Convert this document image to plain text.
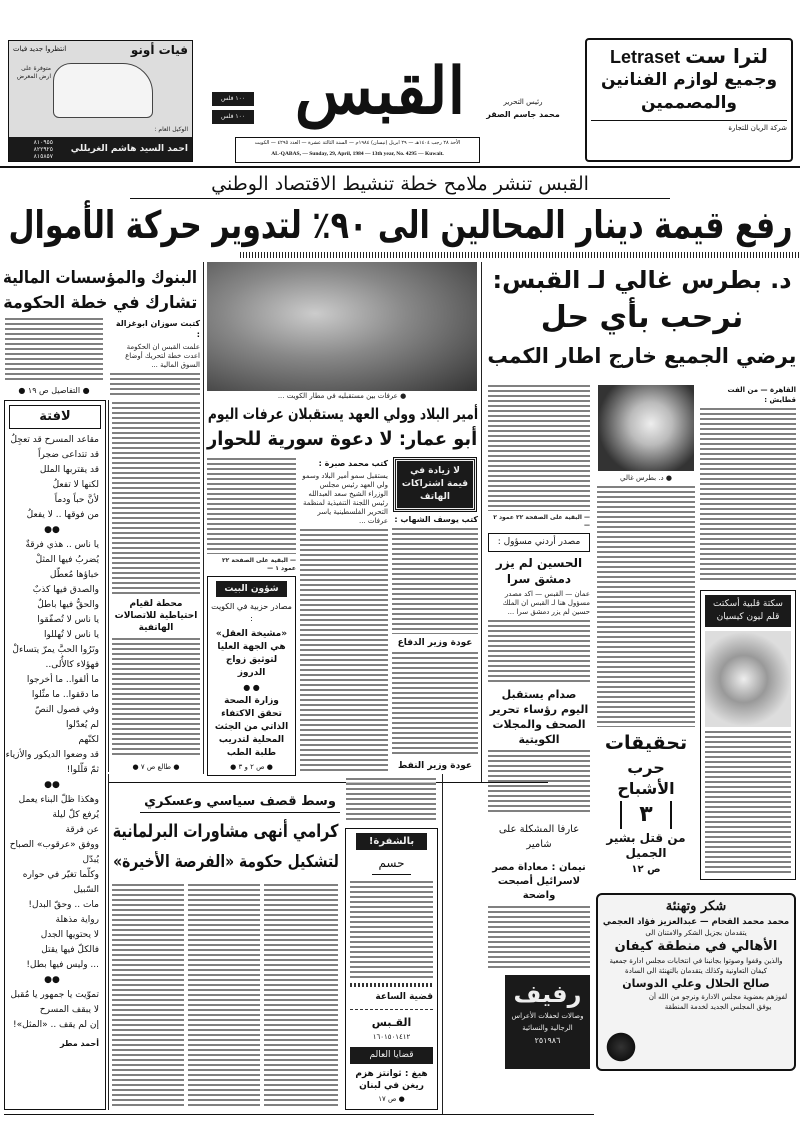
فيات أونو
انتظروا جديد فيات
متوفرة على ارض المعرض
الوكيل العام :
احمد السيد هاشم الغربللي
٨١٠٩٥٥ ٨٢٢٩٢٥ ٨١٥٨٥٧
١٠٠ فلس
١٠٠ فلس القبس	رئيس التحرير
محمد جاسم الصقر
الأحد ٢٨ رجب ١٤٠٤هـ — ٢٩ ابريل (نيسان) ١٩٨٤م — السنة الثالثة عشرة — العدد ٤٢٩٥ — الكويت
AL-QABAS, — Sunday, 29, April, 1984 — 13th year, No. 4295 — Kuwait.
لترا ست Letraset
وجميع لوازم الفنانين
والمصممين
شركة الريان للتجارة
القبس تنشر ملامح خطة تنشيط الاقتصاد الوطني
رفع قيمة دينار المحالين الى ٩٠٪ لتدوير حركة الأموال
البنوك والمؤسسات المالية
تشارك في خطة الحكومة
كتبت سوزان ابوغزالة :
علمت القبس ان الحكومة اعدت خطة لتحريك أوضاع السوق المالية ...
● التفاصيل ص ١٩ ●
لافتة
مقاعد المسرح قد تعجِلُ
قد تتداعى ضجراً
قد يقتربها الملل
لكنها لا تفعلُ
لأنَّ حباً ودماً
من فوقها .. لا يفعلُ
●●
يا ناس .. هذي فرقةٌ
يُضربُ فيها المثلْ
خباؤها مُعطّل
والصدق فيها كذبٌ
والحقُّ فيها باطلٌ
يا ناس لا تُصفّقوا
يا ناس لا تُهللوا
وتَرُوا الحبَّ يمرّ يتساءلْ
فهؤلاء كالأُلى..
ما ألفوا.. ما أخرجوا
ما دققوا.. ما مثّلوا
وفي فصول النصّ
لم يُعدّلوا
لكنّهم
قد وضعوا الديكور والأزياء
ثمّ قلّلوا!
●●
وهكذا ظلّ البناء يعمل
يُرفع كلّ ليلة
عن فرقة
ووفق «عرقوب» الصباح
يُبدّل
وكلّما تغيّر في حواره السّبيل
مات .. وحقّ البدل!
رواية مذهلة
لا يحتويها الجدل
فالكلّ فيها يقتل
... وليس فيها بطل!
●●
تموّيت يا جمهور يا مُقبل
لا يبقف المسرح
إن لم يقف .. «المثل»!
أحمد مطر
محطة لقيام احتياطية للاتصالات الهاتفية
● طالع ص ٧ ●
● عرفات بين مستقبليه في مطار الكويت ...
أمير البلاد وولي العهد يستقبلان عرفات اليوم
أبو عمار: لا دعوة سورية للحوار
لا زيادة في قيمة اشتراكات الهاتف
كتب يوسف الشهاب :
عودة وزير الدفاع
عودة وزير النفط
كتب محمد صبرة :
يستقبل سمو أمير البلاد وسمو ولي العهد رئيس مجلس الوزراء الشيخ سعد العبدالله رئيس اللجنة التنفيذية لمنظمة التحرير الفلسطينية ياسر عرفات ...
— البقية على الصفحة ٢٢ عمود ١ —
شؤون البيت
مصادر حزبية في الكويت :
«مشيخة العقل» هي الجهة العليا لتوثيق زواج الدروز
● ●
وزارة الصحة تحقق الاكتفاء الذاتي من الجثث المحلية لتدريب طلبة الطب
● ص ٢ و ٣ ●
د. بطرس غالي لـ القبس:
نرحب بأي حل
يرضي الجميع خارج اطار الكمب
القاهرة — من الفت قطايش :
● د. بطرس غالي
— البقية على الصفحة ٢٢ عمود ٢ —
مصدر أردني مسؤول :
الحسين لم يزر دمشق سرا
عمان — القبس — اكد مصدر مسؤول هنا لـ القبس ان الملك حسين لم يزر دمشق سرا ...
صدام يستقبل اليوم رؤساء تحرير الصحف والمجلات الكويتية
عارفا المشكلة على شامير
نيمان : معاداة مصر لاسرائيل أصبحت واضحة
رفيف
وصالات لحفلات الأعراس
الرجالية والنسائية
٢٥١٩٨٦
سكتة قلبية أسكتت قلم ليون كيسيان
تحقيقات
حرب الأشباح
٣
من قتل بشير الجميل
ص ١٢
شكر وتهنئة
محمد محمد الفحام — عبدالعزيز فؤاد العجمي
يتقدمان بجزيل الشكر والامتنان الى
الأهالي في منطقة كيفان
والذين وقفوا وصوتوا بجانبنا في انتخابات مجلس ادارة جمعية كيفان التعاونية وكذلك يتقدمان بالتهنئة الى السادة
صالح الحلال وعلي الدوسان
لفوزهم بعضوية مجلس الادارة ونرجو من الله أن يوفق المجلس الجديد لخدمة المنطقة
وسط قصف سياسي وعسكري
كرامي أنهى مشاورات البرلمانية
لتشكيل حكومة «الفرصة الأخيرة»
بالشفرة!
حسم
قضية الساعة
القـبس
١٦٠١٥٠١٤١٢
قضايا العالم
هيغ : ثوانتز هزم ريغن في لبنان
● ص ١٧
